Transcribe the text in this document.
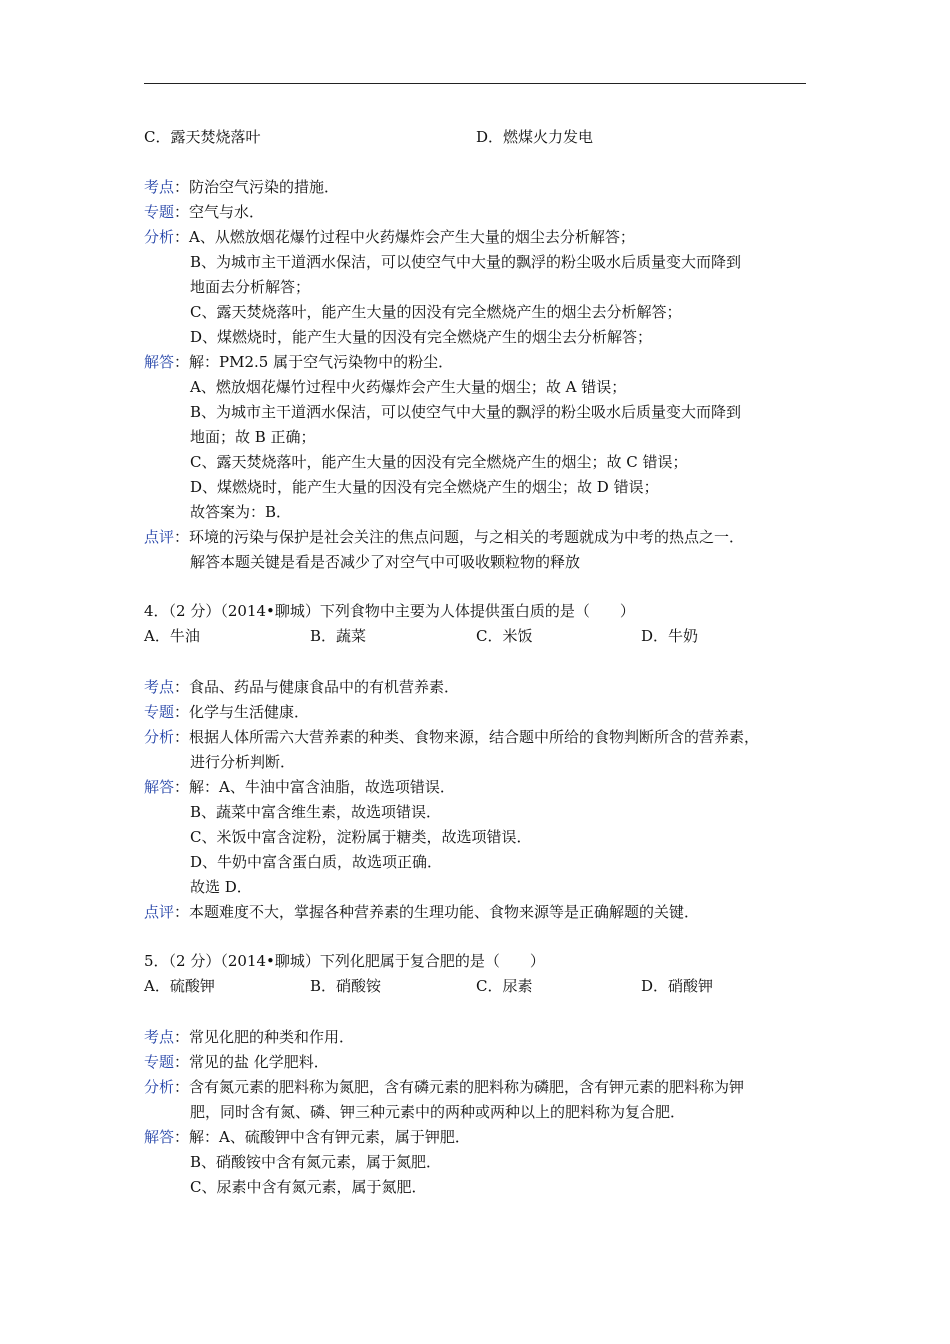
C．露天焚烧落叶	D．燃煤火力发电
考点：防治空气污染的措施．
专题：空气与水．
分析：A、从燃放烟花爆竹过程中火药爆炸会产生大量的烟尘去分析解答；
B、为城市主干道洒水保洁，可以使空气中大量的飘浮的粉尘吸水后质量变大而降到
地面去分析解答；
C、露天焚烧落叶，能产生大量的因没有完全燃烧产生的烟尘去分析解答；
D、煤燃烧时，能产生大量的因没有完全燃烧产生的烟尘去分析解答；
解答：解：PM2.5 属于空气污染物中的粉尘．
A、燃放烟花爆竹过程中火药爆炸会产生大量的烟尘；故 A 错误；
B、为城市主干道洒水保洁，可以使空气中大量的飘浮的粉尘吸水后质量变大而降到
地面；故 B 正确；
C、露天焚烧落叶，能产生大量的因没有完全燃烧产生的烟尘；故 C 错误；
D、煤燃烧时，能产生大量的因没有完全燃烧产生的烟尘；故 D 错误；
故答案为：B．
点评：环境的污染与保护是社会关注的焦点问题，与之相关的考题就成为中考的热点之一．
解答本题关键是看是否减少了对空气中可吸收颗粒物的释放
4．（2 分）（2014•聊城）下列食物中主要为人体提供蛋白质的是（　　）
A．牛油	B．蔬菜	C．米饭	D．牛奶
考点：食品、药品与健康食品中的有机营养素．
专题：化学与生活健康．
分析：根据人体所需六大营养素的种类、食物来源，结合题中所给的食物判断所含的营养素，
进行分析判断．
解答：解：A、牛油中富含油脂，故选项错误．
B、蔬菜中富含维生素，故选项错误．
C、米饭中富含淀粉，淀粉属于糖类，故选项错误．
D、牛奶中富含蛋白质，故选项正确．
故选 D．
点评：本题难度不大，掌握各种营养素的生理功能、食物来源等是正确解题的关键．
5．（2 分）（2014•聊城）下列化肥属于复合肥的是（　　）
A．硫酸钾	B．硝酸铵	C．尿素	D．硝酸钾
考点：常见化肥的种类和作用．
专题：常见的盐 化学肥料．
分析：含有氮元素的肥料称为氮肥，含有磷元素的肥料称为磷肥，含有钾元素的肥料称为钾
肥，同时含有氮、磷、钾三种元素中的两种或两种以上的肥料称为复合肥．
解答：解：A、硫酸钾中含有钾元素，属于钾肥．
B、硝酸铵中含有氮元素，属于氮肥．
C、尿素中含有氮元素，属于氮肥．
